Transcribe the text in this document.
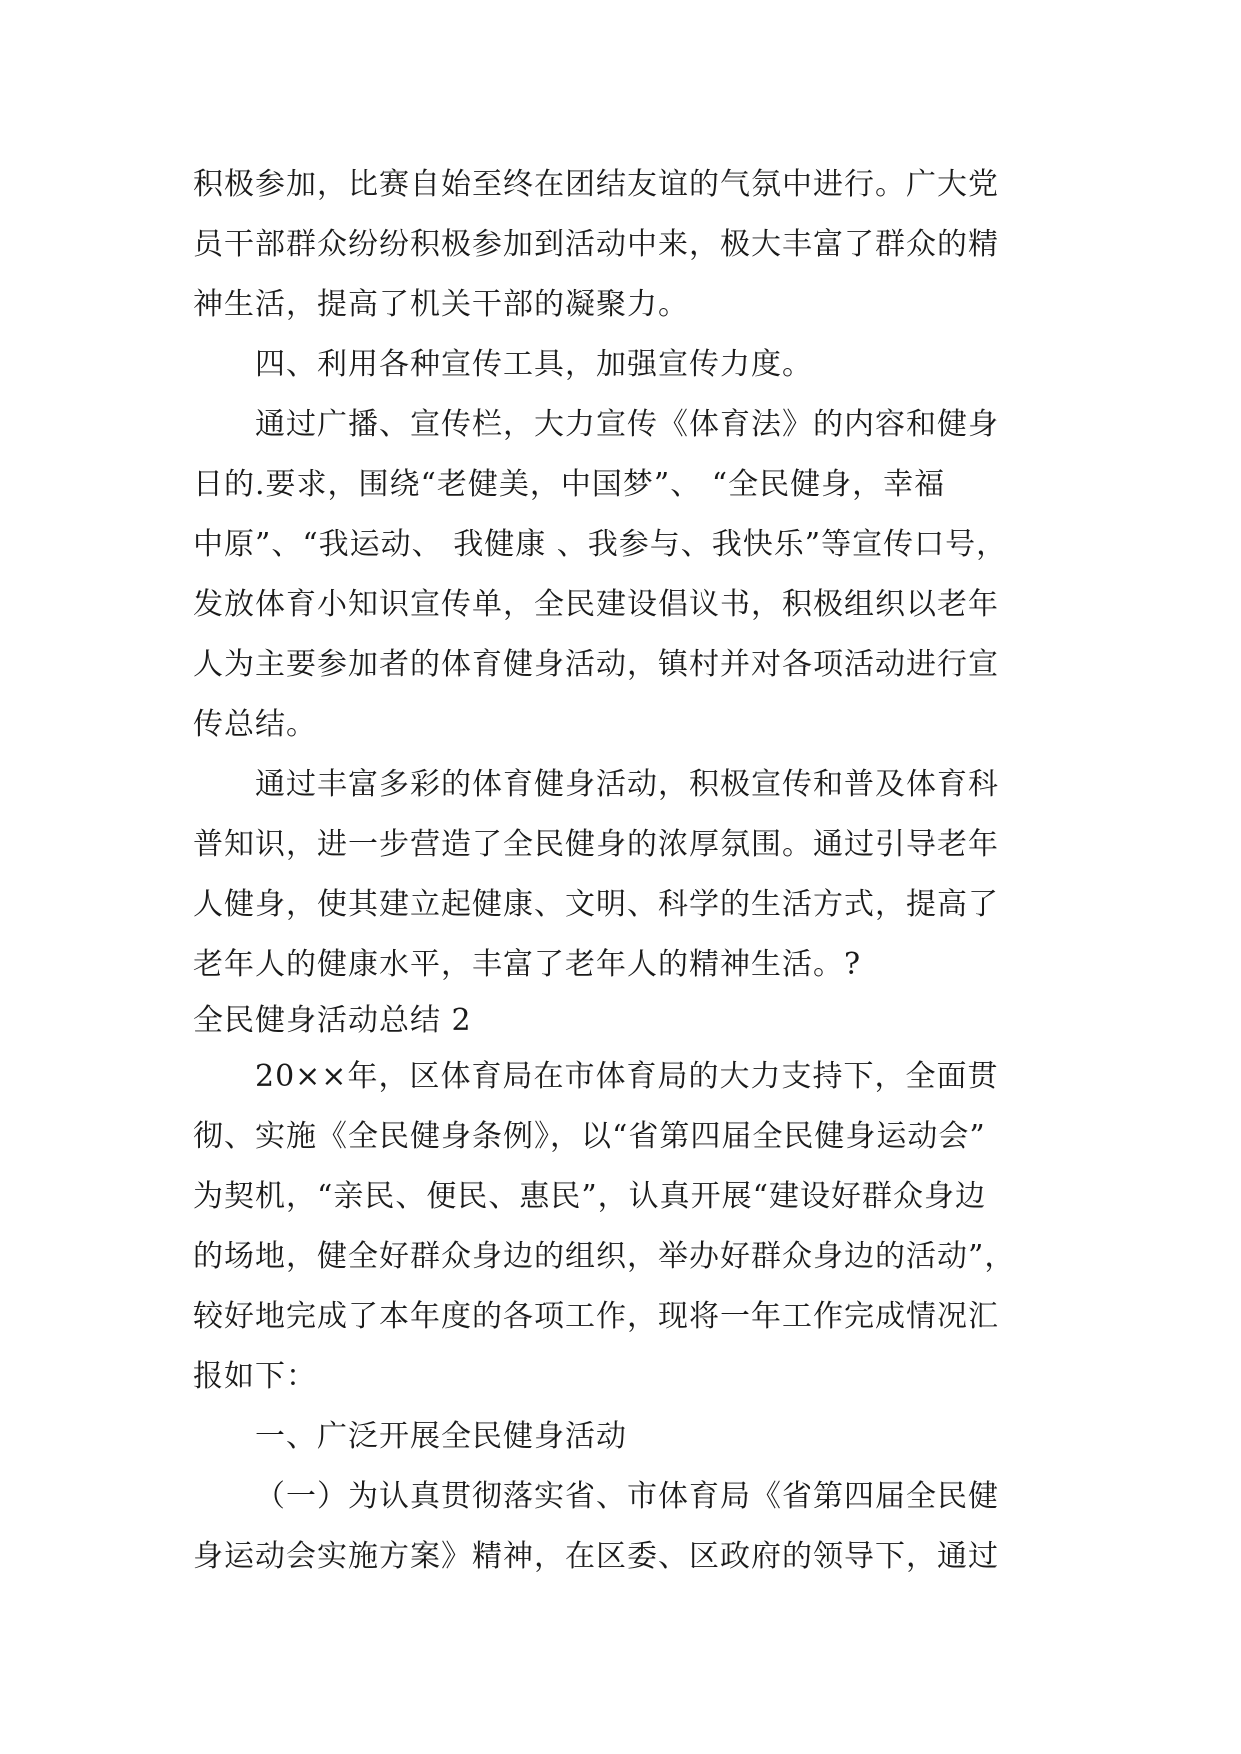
积极参加，比赛自始至终在团结友谊的气氛中进行。广大党
员干部群众纷纷积极参加到活动中来，极大丰富了群众的精
神生活，提高了机关干部的凝聚力。
四、利用各种宣传工具，加强宣传力度。
通过广播、宣传栏，大力宣传《体育法》的内容和健身
日的.要求，围绕“老健美，中国梦”、 “全民健身，幸福
中原”、“我运动、 我健康 、我参与、我快乐”等宣传口号，
发放体育小知识宣传单，全民建设倡议书，积极组织以老年
人为主要参加者的体育健身活动，镇村并对各项活动进行宣
传总结。
通过丰富多彩的体育健身活动，积极宣传和普及体育科
普知识，进一步营造了全民健身的浓厚氛围。通过引导老年
人健身，使其建立起健康、文明、科学的生活方式，提高了
老年人的健康水平，丰富了老年人的精神生活。?
全民健身活动总结 2
20××年，区体育局在市体育局的大力支持下，全面贯
彻、实施《全民健身条例》，以“省第四届全民健身运动会”
为契机，“亲民、便民、惠民”，认真开展“建设好群众身边
的场地，健全好群众身边的组织，举办好群众身边的活动”，
较好地完成了本年度的各项工作，现将一年工作完成情况汇
报如下：
一、广泛开展全民健身活动
（一）为认真贯彻落实省、市体育局《省第四届全民健
身运动会实施方案》精神，在区委、区政府的领导下，通过
